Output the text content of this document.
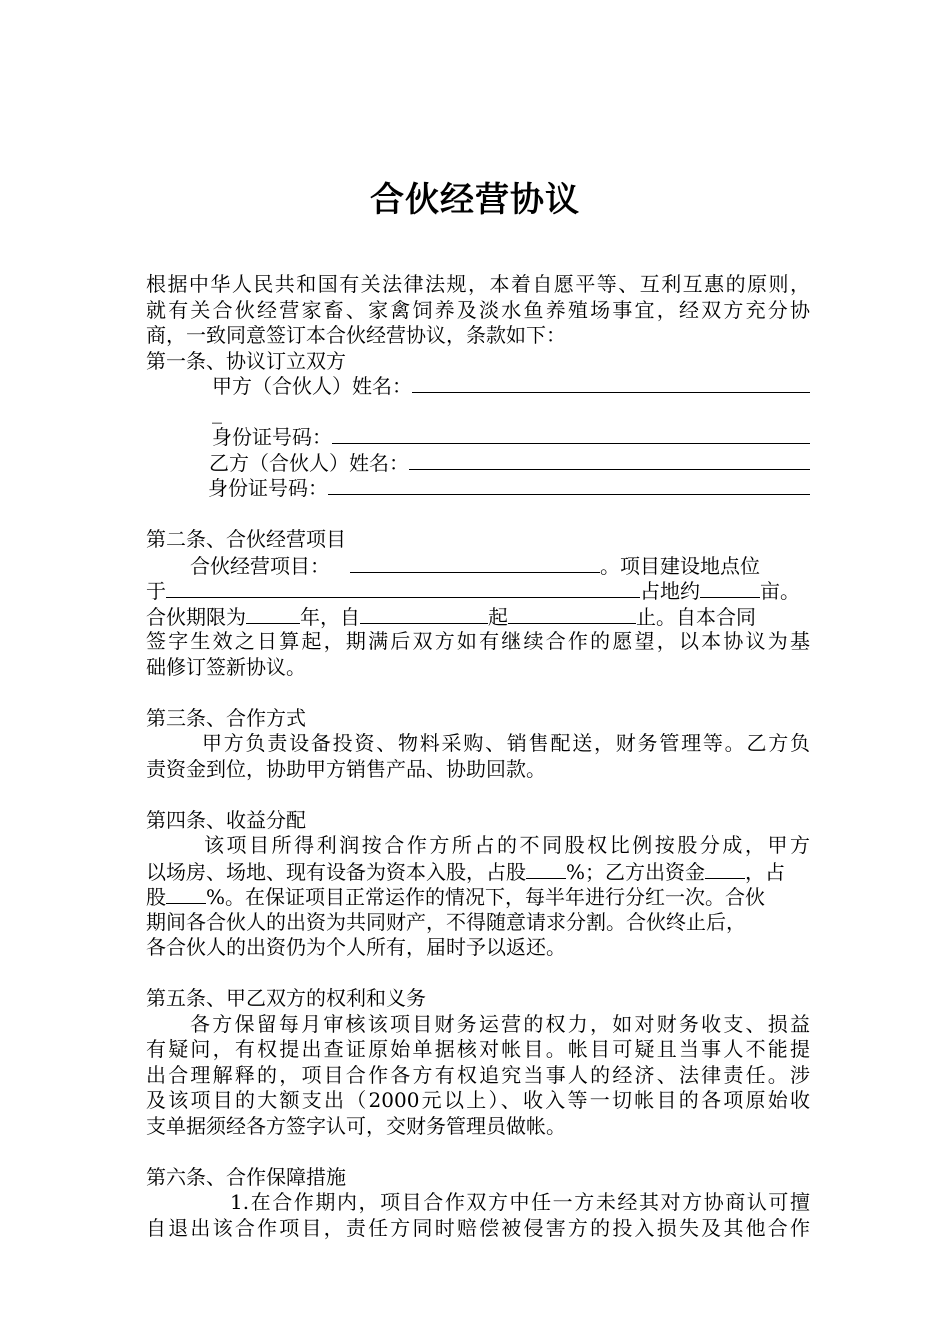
合伙经营协议
根据中华人民共和国有关法律法规，本着自愿平等、互利互惠的原则，
就有关合伙经营家畜、家禽饲养及淡水鱼养殖场事宜，经双方充分协
商，一致同意签订本合伙经营协议，条款如下：
第一条、协议订立双方
甲方（合伙人）姓名：
_
身份证号码：
乙方（合伙人）姓名：
身份证号码：
第二条、合伙经营项目
合伙经营项目：	。项目建设地点位
于	占地约	亩。
合伙期限为	年，自	起	止。自本合同
签字生效之日算起，期满后双方如有继续合作的愿望，以本协议为基
础修订签新协议。
第三条、合作方式
甲方负责设备投资、物料采购、销售配送，财务管理等。乙方负
责资金到位，协助甲方销售产品、协助回款。
第四条、收益分配
该项目所得利润按合作方所占的不同股权比例按股分成，甲方
以场房、场地、现有设备为资本入股，占股 %；乙方出资金 ，占
股 %。在保证项目正常运作的情况下，每半年进行分红一次。合伙
期间各合伙人的出资为共同财产，不得随意请求分割。合伙终止后，
各合伙人的出资仍为个人所有，届时予以返还。
第五条、甲乙双方的权利和义务
各方保留每月审核该项目财务运营的权力，如对财务收支、损益
有疑问，有权提出查证原始单据核对帐目。帐目可疑且当事人不能提
出合理解释的，项目合作各方有权追究当事人的经济、法律责任。涉
及该项目的大额支出（2000元以上）、收入等一切帐目的各项原始收
支单据须经各方签字认可，交财务管理员做帐。
第六条、合作保障措施
1.在合作期内，项目合作双方中任一方未经其对方协商认可擅
自退出该合作项目，责任方同时赔偿被侵害方的投入损失及其他合作
